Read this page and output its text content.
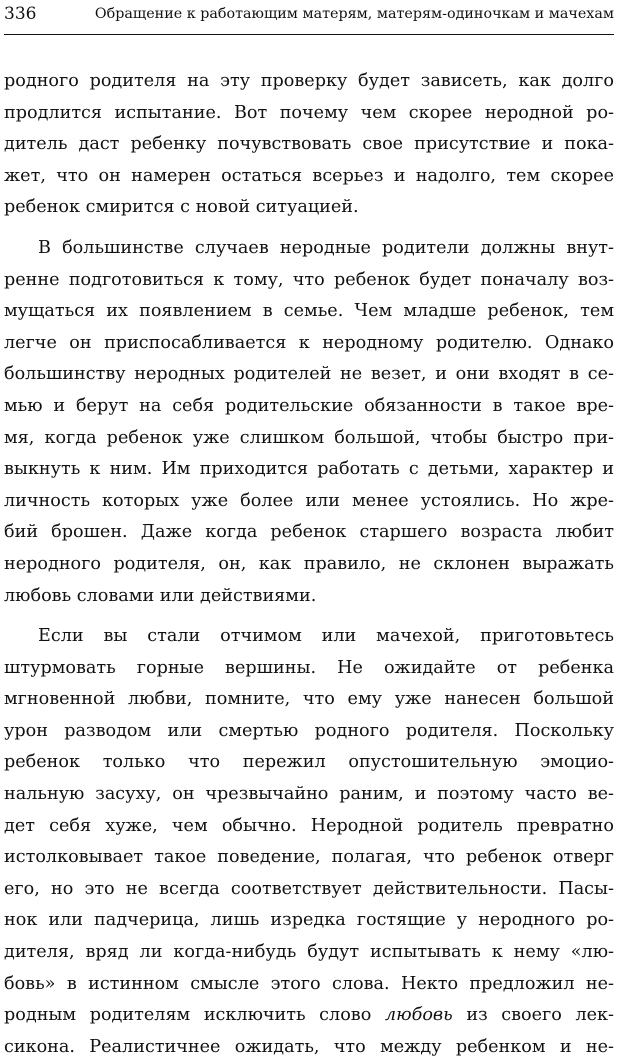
336	Обращение к работающим матерям, матерям-одиночкам и мачехам
родного родителя на эту проверку будет зависеть, как долго
продлится испытание. Вот почему чем скорее неродной ро-
дитель даст ребенку почувствовать свое присутствие и пока-
жет, что он намерен остаться всерьез и надолго, тем скорее
ребенок смирится с новой ситуацией.
В большинстве случаев неродные родители должны внут-
ренне подготовиться к тому, что ребенок будет поначалу воз-
мущаться их появлением в семье. Чем младше ребенок, тем
легче он приспосабливается к неродному родителю. Однако
большинству неродных родителей не везет, и они входят в се-
мью и берут на себя родительские обязанности в такое вре-
мя, когда ребенок уже слишком большой, чтобы быстро при-
выкнуть к ним. Им приходится работать с детьми, характер и
личность которых уже более или менее устоялись. Но жре-
бий брошен. Даже когда ребенок старшего возраста любит
неродного родителя, он, как правило, не склонен выражать
любовь словами или действиями.
Если вы стали отчимом или мачехой, приготовьтесь
штурмовать горные вершины. Не ожидайте от ребенка
мгновенной любви, помните, что ему уже нанесен большой
урон разводом или смертью родного родителя. Поскольку
ребенок только что пережил опустошительную эмоцио-
нальную засуху, он чрезвычайно раним, и поэтому часто ве-
дет себя хуже, чем обычно. Неродной родитель превратно
истолковывает такое поведение, полагая, что ребенок отверг
его, но это не всегда соответствует действительности. Пасы-
нок или падчерица, лишь изредка гостящие у неродного ро-
дителя, вряд ли когда-нибудь будут испытывать к нему «лю-
бовь» в истинном смысле этого слова. Некто предложил не-
родным родителям исключить слово любовь из своего лек-
сикона. Реалистичнее ожидать, что между ребенком и не-
